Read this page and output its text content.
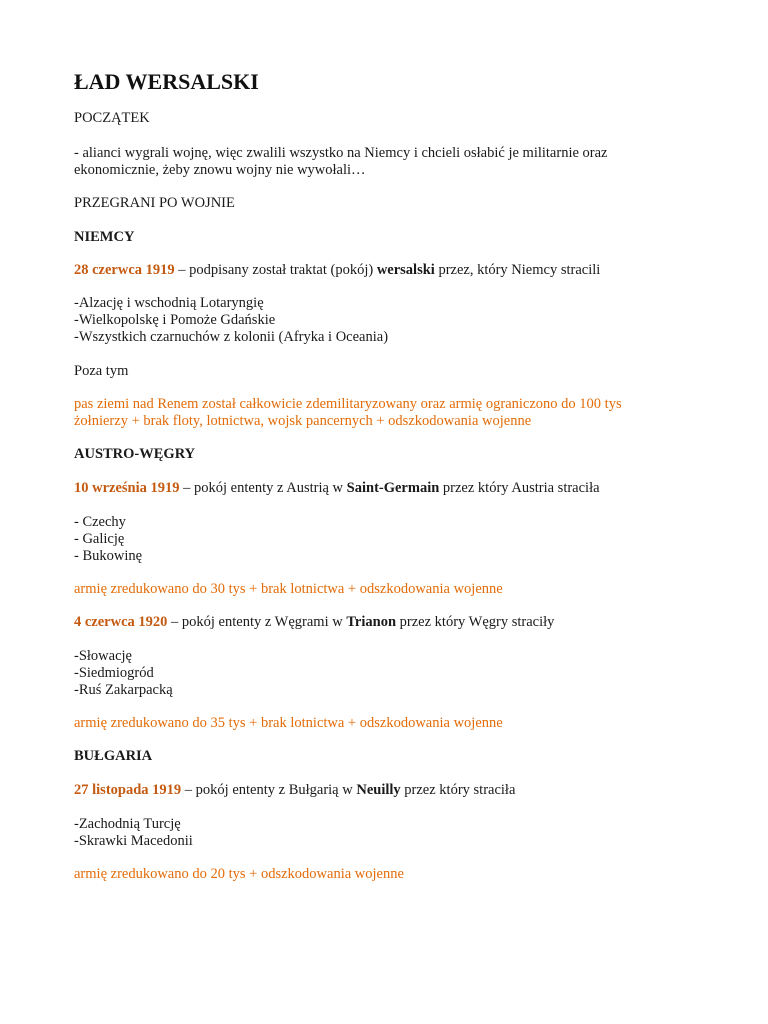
ŁAD WERSALSKI
POCZĄTEK
- alianci wygrali wojnę, więc zwalili wszystko na Niemcy i chcieli osłabić je militarnie oraz
ekonomicznie, żeby znowu wojny nie wywołali…
PRZEGRANI PO WOJNIE
NIEMCY
28 czerwca 1919 – podpisany został traktat (pokój) wersalski przez, który Niemcy stracili
-Alzację i wschodnią Lotaryngię
-Wielkopolskę i Pomoże Gdańskie
-Wszystkich czarnuchów z kolonii (Afryka i Oceania)
Poza tym
pas ziemi nad Renem został całkowicie zdemilitaryzowany oraz armię ograniczono do 100 tys
żołnierzy + brak floty, lotnictwa, wojsk pancernych + odszkodowania wojenne
AUSTRO-WĘGRY
10 września 1919 – pokój ententy z Austrią w Saint-Germain przez który Austria straciła
- Czechy
- Galicję
- Bukowinę
armię zredukowano do 30 tys + brak lotnictwa + odszkodowania wojenne
4 czerwca 1920 – pokój ententy z Węgrami w Trianon przez który Węgry straciły
-Słowację
-Siedmiogród
-Ruś Zakarpacką
armię zredukowano do 35 tys + brak lotnictwa + odszkodowania wojenne
BUŁGARIA
27 listopada 1919 – pokój ententy z Bułgarią w Neuilly przez który straciła
-Zachodnią Turcję
-Skrawki Macedonii
armię zredukowano do 20 tys + odszkodowania wojenne
